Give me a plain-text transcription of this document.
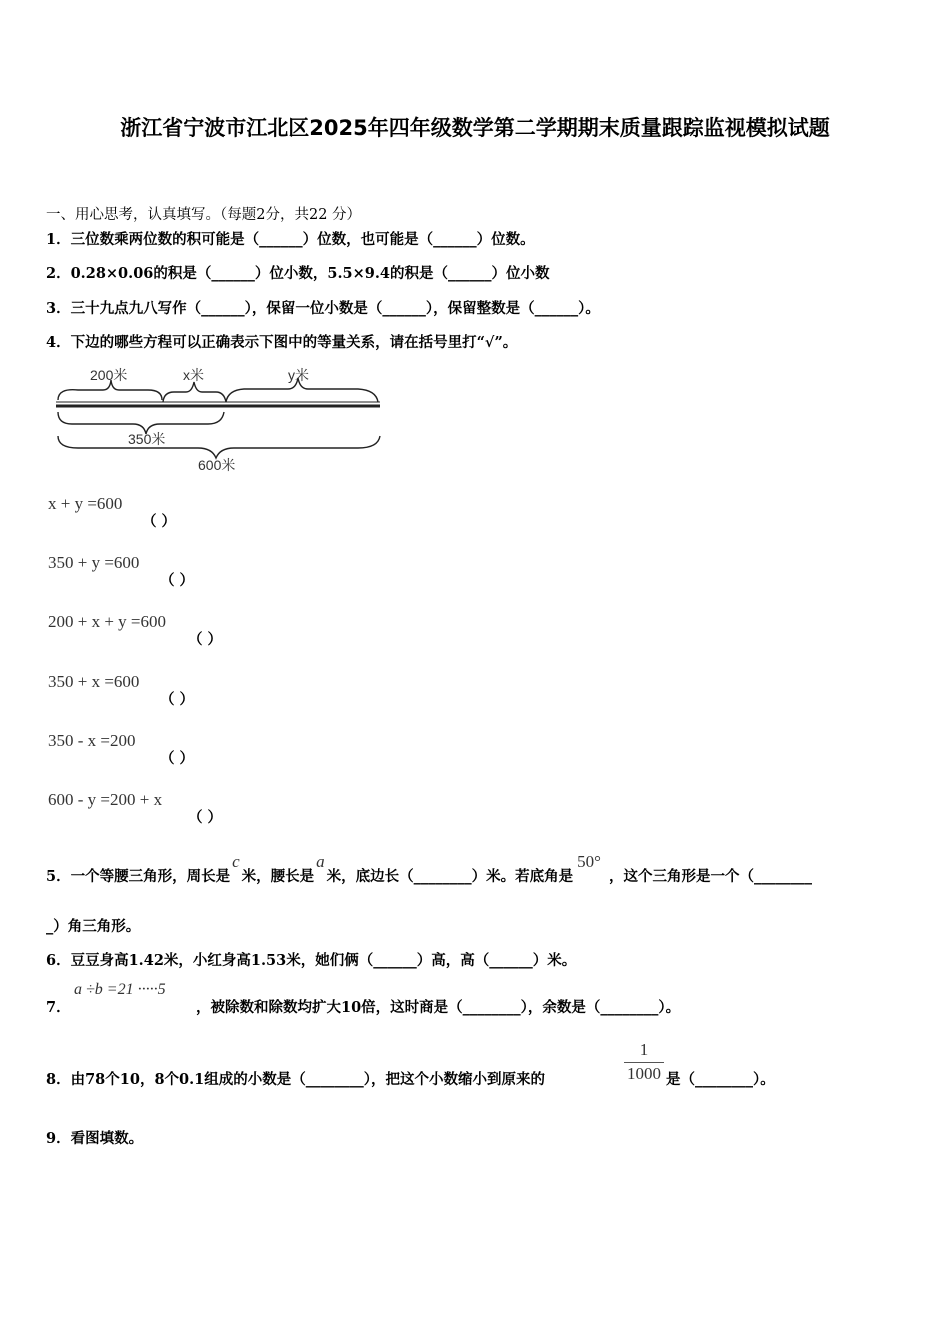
浙江省宁波市江北区2025年四年级数学第二学期期末质量跟踪监视模拟试题
一、用心思考，认真填写。（每题2分，共22 分）
1．三位数乘两位数的积可能是（______）位数，也可能是（______）位数。
2．0.28×0.06的积是（______）位小数，5.5×9.4的积是（______）位小数
3．三十九点九八写作（______），保留一位小数是（______），保留整数是（______）。
4．下边的哪些方程可以正确表示下图中的等量关系，请在括号里打“√”。
200米	x米	y米
350米
600米
x + y =600
（ ）
350 + y =600
（ ）
200 + x + y =600
（ ）
350 + x =600
（ ）
350 - x =200
（ ）
600 - y =200 + x
（ ）
5．一个等腰三角形，周长是c米，腰长是a米，底边长（________）米。若底角是50°，这个三角形是一个（________
_）角三角形。
6．豆豆身高1.42米，小红身高1.53米，她们俩（______）高，高（______）米。
7．
a ÷b =21 ·····5
，被除数和除数均扩大10倍，这时商是（________），余数是（________）。
8．由78个10，8个0.1组成的小数是（________），把这个小数缩小到原来的	$\frac{1}{1000}$ 是（________）。
9．看图填数。
